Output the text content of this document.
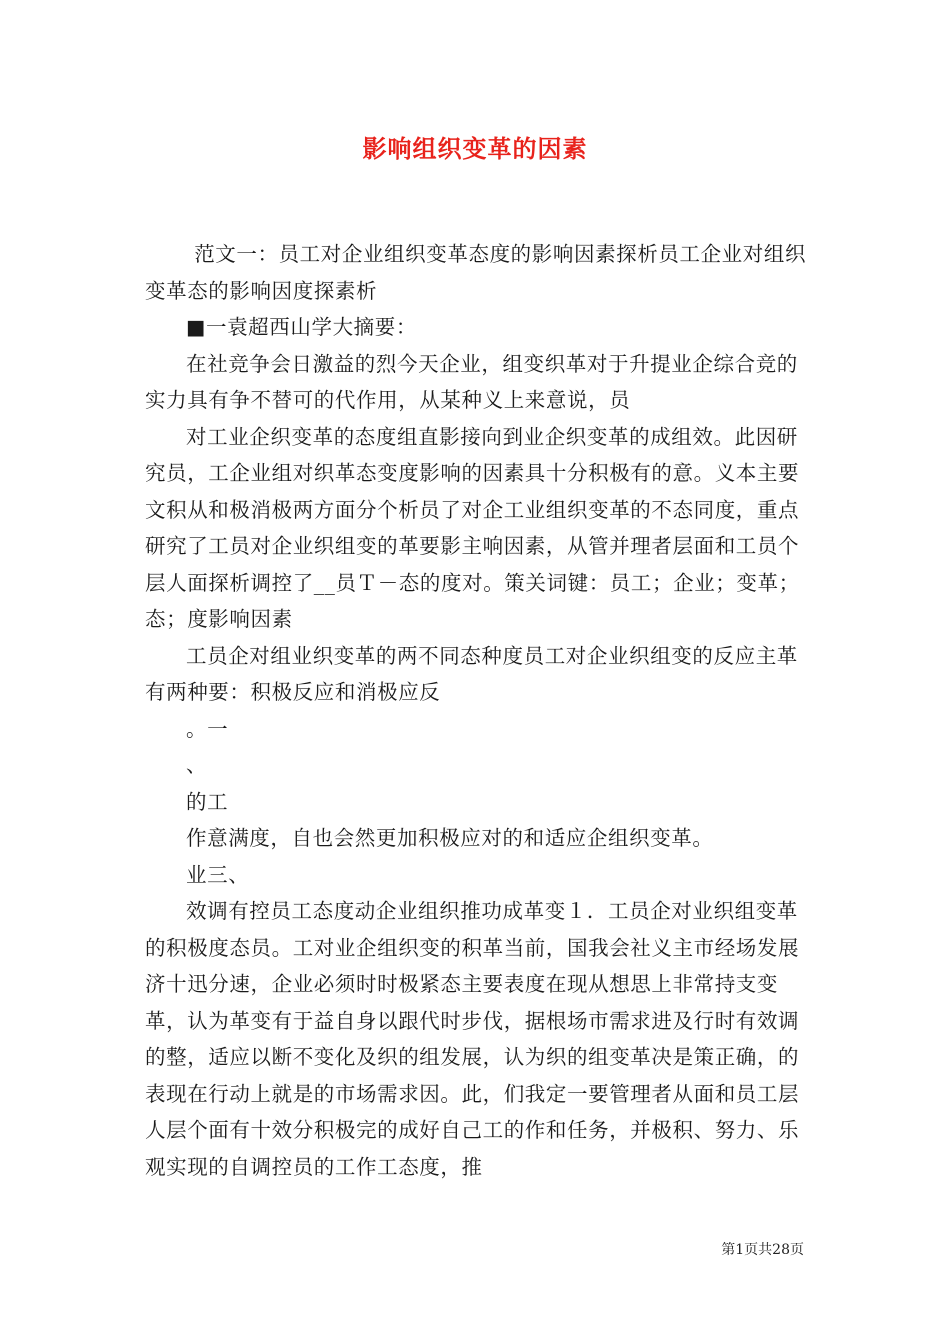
影响组织变革的因素

范文一：员工对企业组织变革态度的影响因素探析员工企业对组织变革态的影响因度探素析

■一袁超西山学大摘要：

在社竞争会日激益的烈今天企业，组变织革对于升提业企综合竞的实力具有争不替可的代作用，从某种义上来意说，员

对工业企织变革的态度组直影接向到业企织变革的成组效。此因研究员，工企业组对织革态变度影响的因素具十分积极有的意。义本主要文积从和极消极两方面分个析员了对企工业组织变革的不态同度，重点研究了工员对企业织组变的革要影主响因素，从管并理者层面和工员个层人面探析调控了__员Ｔ－态的度对。策关词键：员工；企业；变革；态；度影响因素

工员企对组业织变革的两不同态种度员工对企业织组变的反应主革有两种要：积极反应和消极应反

。一

、

的工

作意满度，自也会然更加积极应对的和适应企组织变革。

业三、

效调有控员工态度动企业组织推功成革变１．工员企对业织组变革的积极度态员。工对业企组织变的积革当前，国我会社义主市经场发展济十迅分速，企业必须时时极紧态主要表度在现从想思上非常持支变革，认为革变有于益自身以跟代时步伐，据根场市需求进及行时有效调的整，适应以断不变化及织的组发展，认为织的组变革决是策正确，的表现在行动上就是的市场需求因。此，们我定一要管理者从面和员工层人层个面有十效分积极完的成好自己工的作和任务，并极积、努力、乐观实现的自调控员的工作工态度，推

第1页共28页
